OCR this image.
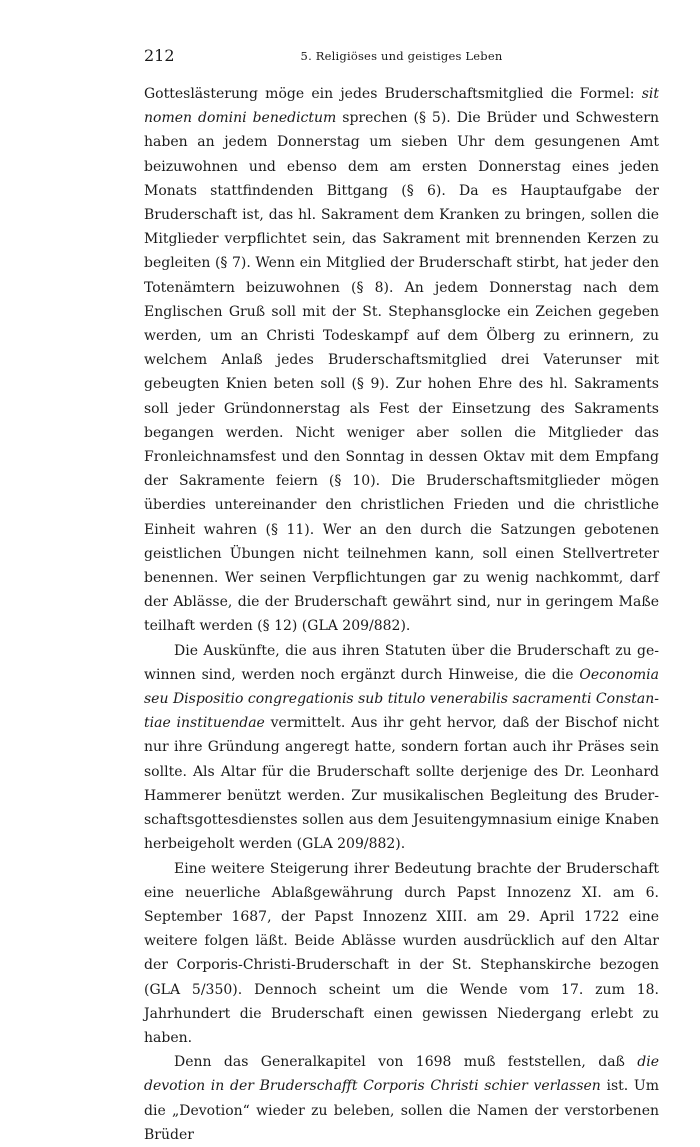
212	5. Religiöses und geistiges Leben

Gotteslästerung möge ein jedes Bruderschaftsmitglied die Formel: sit nomen domini benedictum sprechen (§ 5). Die Brüder und Schwestern haben an jedem Donnerstag um sieben Uhr dem gesungenen Amt beizuwohnen und ebenso dem am ersten Donnerstag eines jeden Monats stattfindenden Bittgang (§ 6). Da es Hauptaufgabe der Bruderschaft ist, das hl. Sakrament dem Kranken zu bringen, sollen die Mitglieder verpflichtet sein, das Sakrament mit brennenden Kerzen zu begleiten (§ 7). Wenn ein Mitglied der Bruderschaft stirbt, hat jeder den Totenämtern beizuwohnen (§ 8). An jedem Donnerstag nach dem Englischen Gruß soll mit der St. Stephansglocke ein Zeichen gegeben werden, um an Christi Todeskampf auf dem Ölberg zu erinnern, zu welchem Anlaß jedes Bruderschaftsmitglied drei Vaterunser mit gebeugten Knien beten soll (§ 9). Zur hohen Ehre des hl. Sakraments soll jeder Gründonnerstag als Fest der Einsetzung des Sakraments begangen werden. Nicht weniger aber sollen die Mitglieder das Fronleichnamsfest und den Sonntag in dessen Oktav mit dem Empfang der Sakramente feiern (§ 10). Die Bruderschaftsmitglieder mögen überdies untereinander den christlichen Frieden und die christliche Einheit wahren (§ 11). Wer an den durch die Satzungen gebotenen geistlichen Übungen nicht teilnehmen kann, soll einen Stellvertreter benennen. Wer seinen Verpflichtungen gar zu wenig nachkommt, darf der Ablässe, die der Bruderschaft gewährt sind, nur in geringem Maße teilhaft werden (§ 12) (GLA 209/882).

Die Auskünfte, die aus ihren Statuten über die Bruderschaft zu gewinnen sind, werden noch ergänzt durch Hinweise, die die Oeconomia seu Dispositio congregationis sub titulo venerabilis sacramenti Constantiae instituendae vermittelt. Aus ihr geht hervor, daß der Bischof nicht nur ihre Gründung angeregt hatte, sondern fortan auch ihr Präses sein sollte. Als Altar für die Bruderschaft sollte derjenige des Dr. Leonhard Hammerer benützt werden. Zur musikalischen Begleitung des Bruderschaftsgottesdienstes sollen aus dem Jesuitengymnasium einige Knaben herbeigeholt werden (GLA 209/882).

Eine weitere Steigerung ihrer Bedeutung brachte der Bruderschaft eine neuerliche Ablaßgewährung durch Papst Innozenz XI. am 6. September 1687, der Papst Innozenz XIII. am 29. April 1722 eine weitere folgen läßt. Beide Ablässe wurden ausdrücklich auf den Altar der Corporis-Christi-Bruderschaft in der St. Stephanskirche bezogen (GLA 5/350). Dennoch scheint um die Wende vom 17. zum 18. Jahrhundert die Bruderschaft einen gewissen Niedergang erlebt zu haben.

Denn das Generalkapitel von 1698 muß feststellen, daß die devotion in der Bruderschafft Corporis Christi schier verlassen ist. Um die „Devotion“ wieder zu beleben, sollen die Namen der verstorbenen Brüder
